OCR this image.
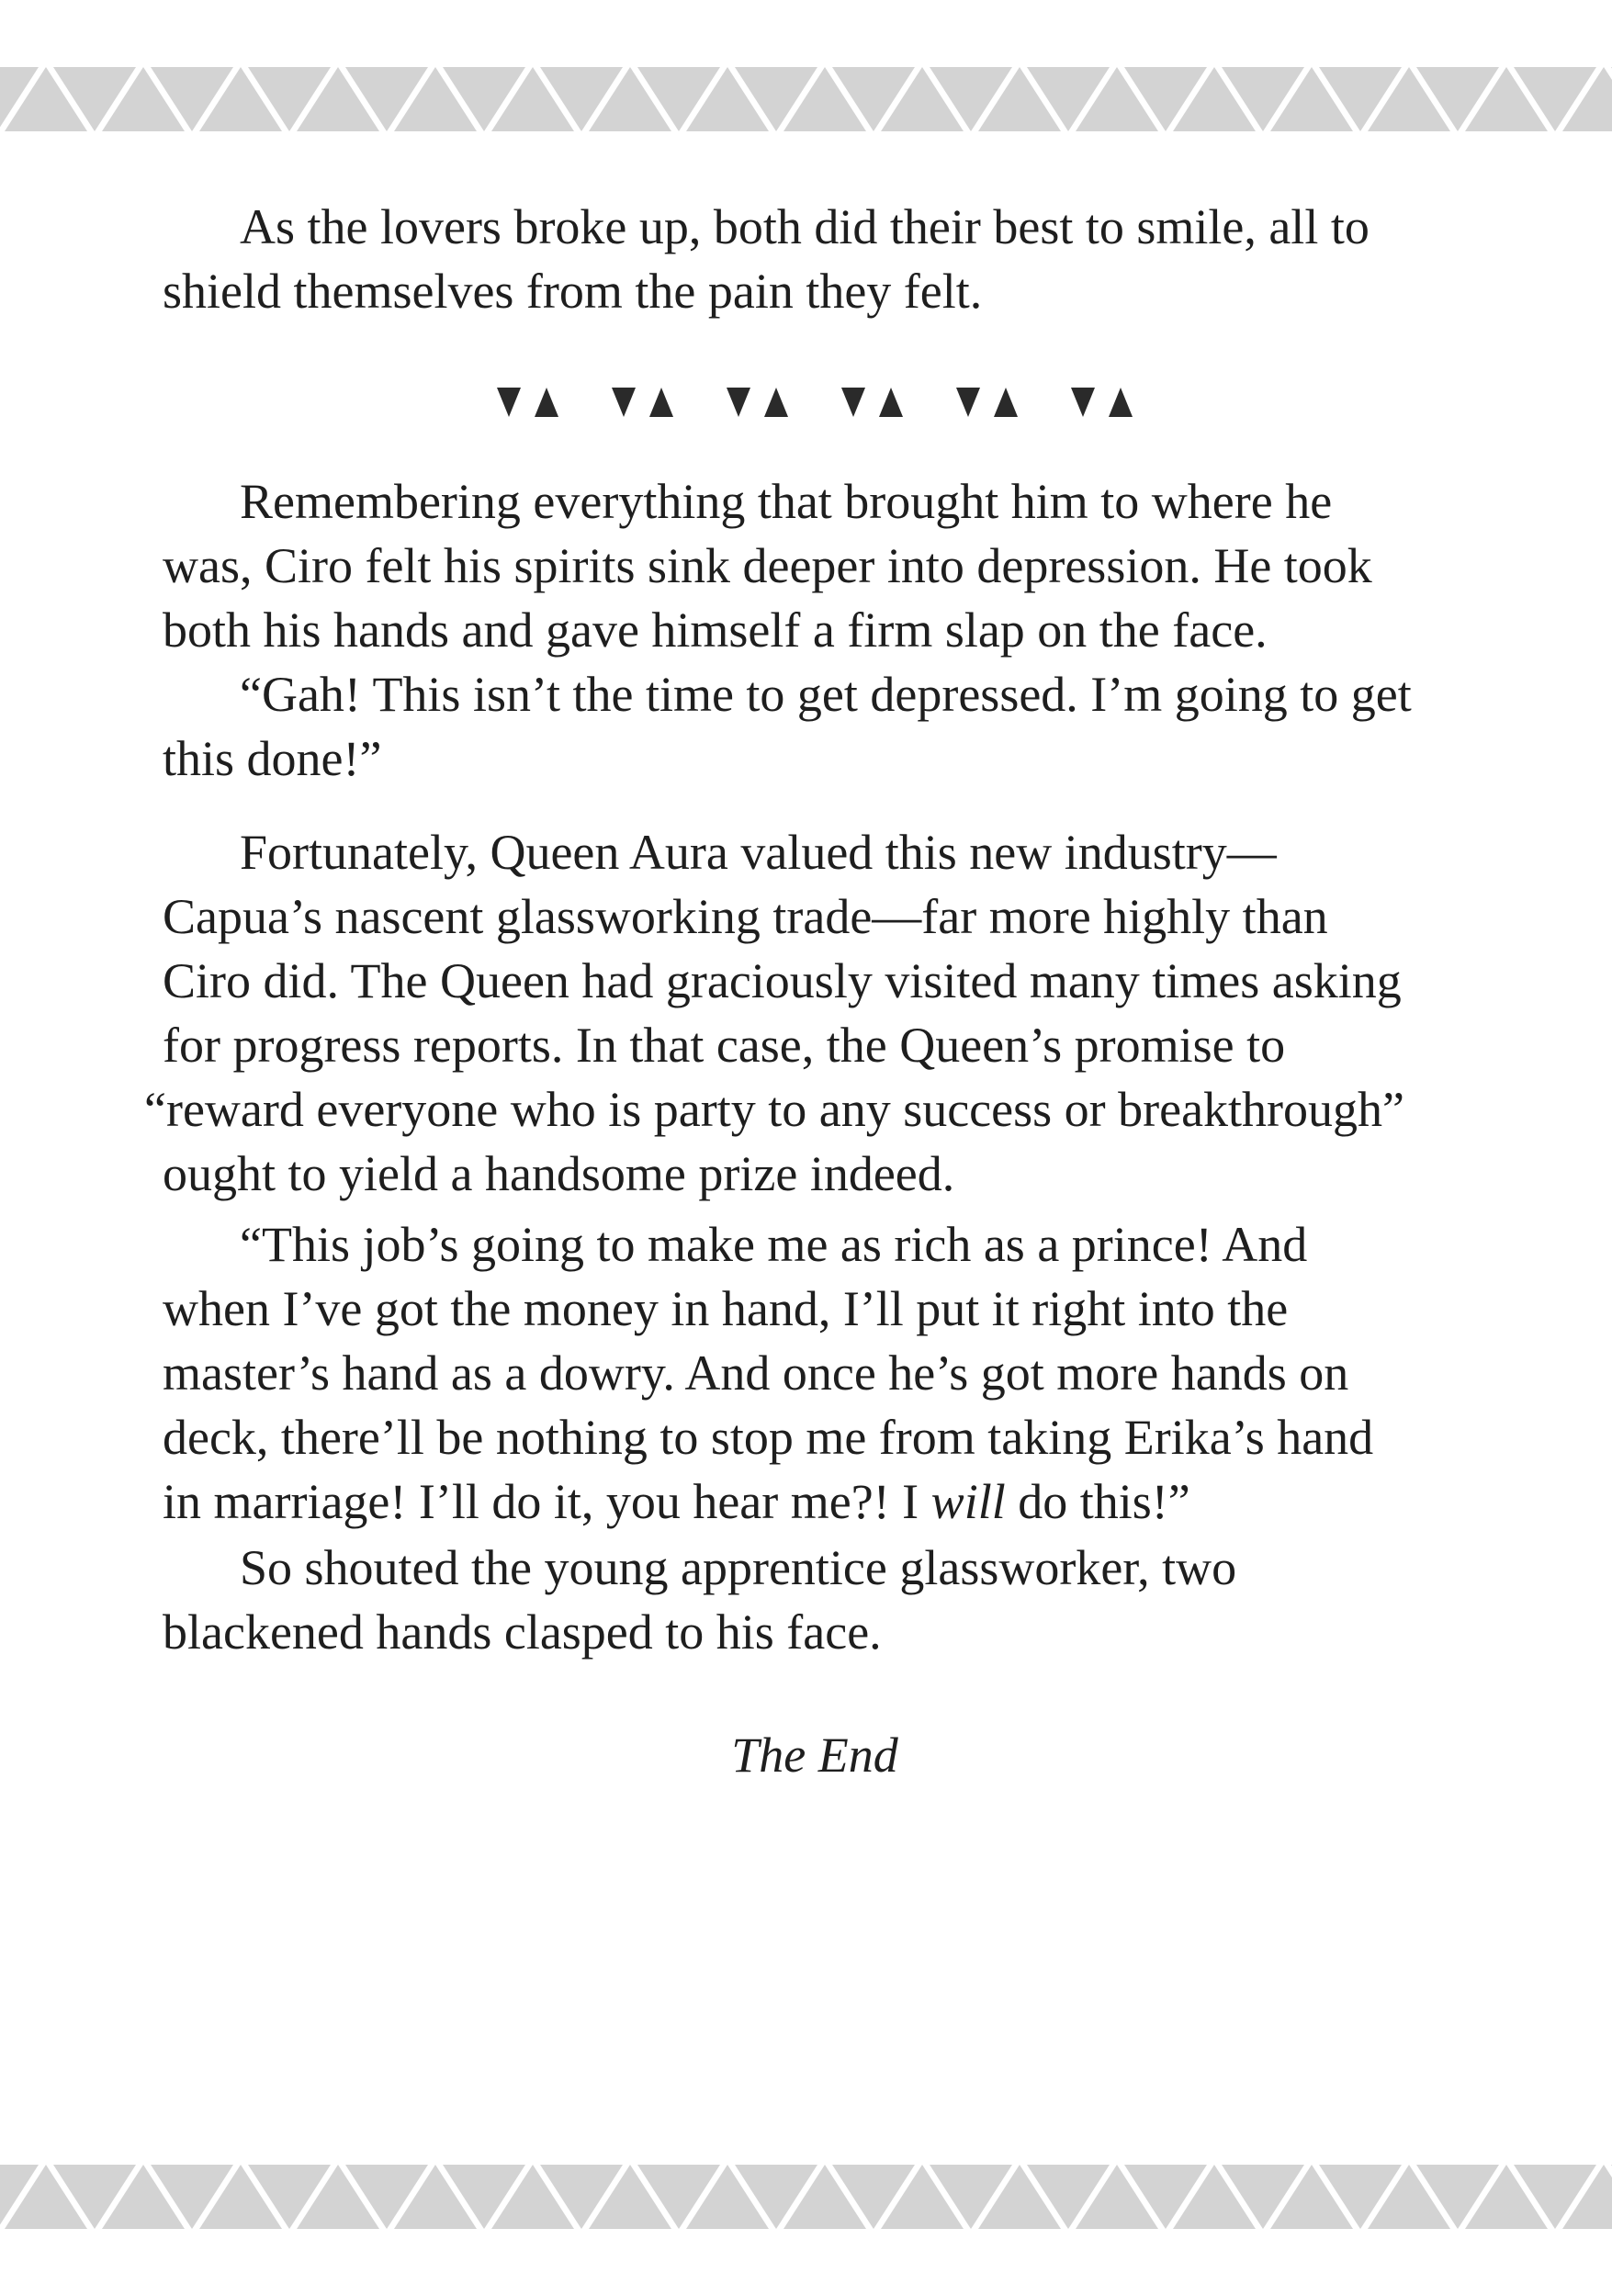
As the lovers broke up, both did their best to smile, all to
shield themselves from the pain they felt.
Remembering everything that brought him to where he
was, Ciro felt his spirits sink deeper into depression. He took
both his hands and gave himself a firm slap on the face.
“Gah! This isn’t the time to get depressed. I’m going to get
this done!”
Fortunately, Queen Aura valued this new industry—
Capua’s nascent glassworking trade—far more highly than
Ciro did. The Queen had graciously visited many times asking
for progress reports. In that case, the Queen’s promise to
“reward everyone who is party to any success or breakthrough”
ought to yield a handsome prize indeed.
“This job’s going to make me as rich as a prince! And
when I’ve got the money in hand, I’ll put it right into the
master’s hand as a dowry. And once he’s got more hands on
deck, there’ll be nothing to stop me from taking Erika’s hand
in marriage! I’ll do it, you hear me?! I will do this!”
So shouted the young apprentice glassworker, two
blackened hands clasped to his face.
The End
